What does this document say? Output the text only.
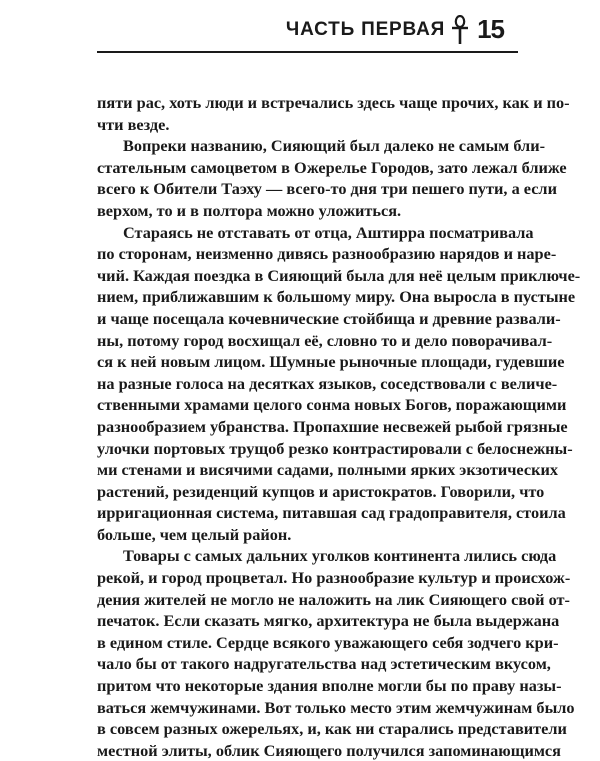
ЧАСТЬ ПЕРВАЯ 15

пяти рас, хоть люди и встречались здесь чаще прочих, как и по-
чти везде.

Вопреки названию, Сияющий был далеко не самым бли-
стательным самоцветом в Ожерелье Городов, зато лежал ближе
всего к Обители Таэху — всего-то дня три пешего пути, а если
верхом, то и в полтора можно уложиться.

Стараясь не отставать от отца, Аштирра посматривала
по сторонам, неизменно дивясь разнообразию нарядов и наре-
чий. Каждая поездка в Сияющий была для неё целым приключе-
нием, приближавшим к большому миру. Она выросла в пустыне
и чаще посещала кочевнические стойбища и древние развали-
ны, потому город восхищал её, словно то и дело поворачивал-
ся к ней новым лицом. Шумные рыночные площади, гудевшие
на разные голоса на десятках языков, соседствовали с величе-
ственными храмами целого сонма новых Богов, поражающими
разнообразием убранства. Пропахшие несвежей рыбой грязные
улочки портовых трущоб резко контрастировали с белоснежны-
ми стенами и висячими садами, полными ярких экзотических
растений, резиденций купцов и аристократов. Говорили, что
ирригационная система, питавшая сад градоправителя, стоила
больше, чем целый район.

Товары с самых дальних уголков континента лились сюда
рекой, и город процветал. Но разнообразие культур и происхож-
дения жителей не могло не наложить на лик Сияющего свой от-
печаток. Если сказать мягко, архитектура не была выдержана
в едином стиле. Сердце всякого уважающего себя зодчего кри-
чало бы от такого надругательства над эстетическим вкусом,
притом что некоторые здания вполне могли бы по праву назы-
ваться жемчужинами. Вот только место этим жемчужинам было
в совсем разных ожерельях, и, как ни старались представители
местной элиты, облик Сияющего получился запоминающимся
